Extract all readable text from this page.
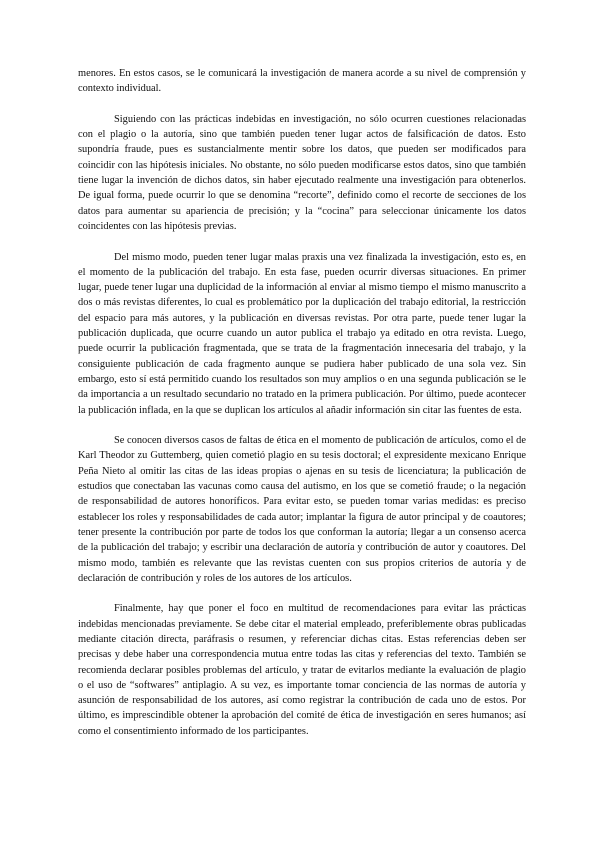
menores. En estos casos, se le comunicará la investigación de manera acorde a su nivel de comprensión y contexto individual.

Siguiendo con las prácticas indebidas en investigación, no sólo ocurren cuestiones relacionadas con el plagio o la autoría, sino que también pueden tener lugar actos de falsificación de datos. Esto supondría fraude, pues es sustancialmente mentir sobre los datos, que pueden ser modificados para coincidir con las hipótesis iniciales. No obstante, no sólo pueden modificarse estos datos, sino que también tiene lugar la invención de dichos datos, sin haber ejecutado realmente una investigación para obtenerlos. De igual forma, puede ocurrir lo que se denomina “recorte”, definido como el recorte de secciones de los datos para aumentar su apariencia de precisión; y la “cocina” para seleccionar únicamente los datos coincidentes con las hipótesis previas.

Del mismo modo, pueden tener lugar malas praxis una vez finalizada la investigación, esto es, en el momento de la publicación del trabajo. En esta fase, pueden ocurrir diversas situaciones. En primer lugar, puede tener lugar una duplicidad de la información al enviar al mismo tiempo el mismo manuscrito a dos o más revistas diferentes, lo cual es problemático por la duplicación del trabajo editorial, la restricción del espacio para más autores, y la publicación en diversas revistas. Por otra parte, puede tener lugar la publicación duplicada, que ocurre cuando un autor publica el trabajo ya editado en otra revista. Luego, puede ocurrir la publicación fragmentada, que se trata de la fragmentación innecesaria del trabajo, y la consiguiente publicación de cada fragmento aunque se pudiera haber publicado de una sola vez. Sin embargo, esto sí está permitido cuando los resultados son muy amplios o en una segunda publicación se le da importancia a un resultado secundario no tratado en la primera publicación. Por último, puede acontecer la publicación inflada, en la que se duplican los artículos al añadir información sin citar las fuentes de esta.

Se conocen diversos casos de faltas de ética en el momento de publicación de artículos, como el de Karl Theodor zu Guttemberg, quien cometió plagio en su tesis doctoral; el expresidente mexicano Enrique Peña Nieto al omitir las citas de las ideas propias o ajenas en su tesis de licenciatura; la publicación de estudios que conectaban las vacunas como causa del autismo, en los que se cometió fraude; o la negación de responsabilidad de autores honoríficos. Para evitar esto, se pueden tomar varias medidas: es preciso establecer los roles y responsabilidades de cada autor; implantar la figura de autor principal y de coautores; tener presente la contribución por parte de todos los que conforman la autoría; llegar a un consenso acerca de la publicación del trabajo; y escribir una declaración de autoría y contribución de autor y coautores. Del mismo modo, también es relevante que las revistas cuenten con sus propios criterios de autoría y de declaración de contribución y roles de los autores de los artículos.

Finalmente, hay que poner el foco en multitud de recomendaciones para evitar las prácticas indebidas mencionadas previamente. Se debe citar el material empleado, preferiblemente obras publicadas mediante citación directa, paráfrasis o resumen, y referenciar dichas citas. Estas referencias deben ser precisas y debe haber una correspondencia mutua entre todas las citas y referencias del texto. También se recomienda declarar posibles problemas del artículo, y tratar de evitarlos mediante la evaluación de plagio o el uso de “softwares” antiplagio. A su vez, es importante tomar conciencia de las normas de autoría y asunción de responsabilidad de los autores, así como registrar la contribución de cada uno de estos. Por último, es imprescindible obtener la aprobación del comité de ética de investigación en seres humanos; así como el consentimiento informado de los participantes.
